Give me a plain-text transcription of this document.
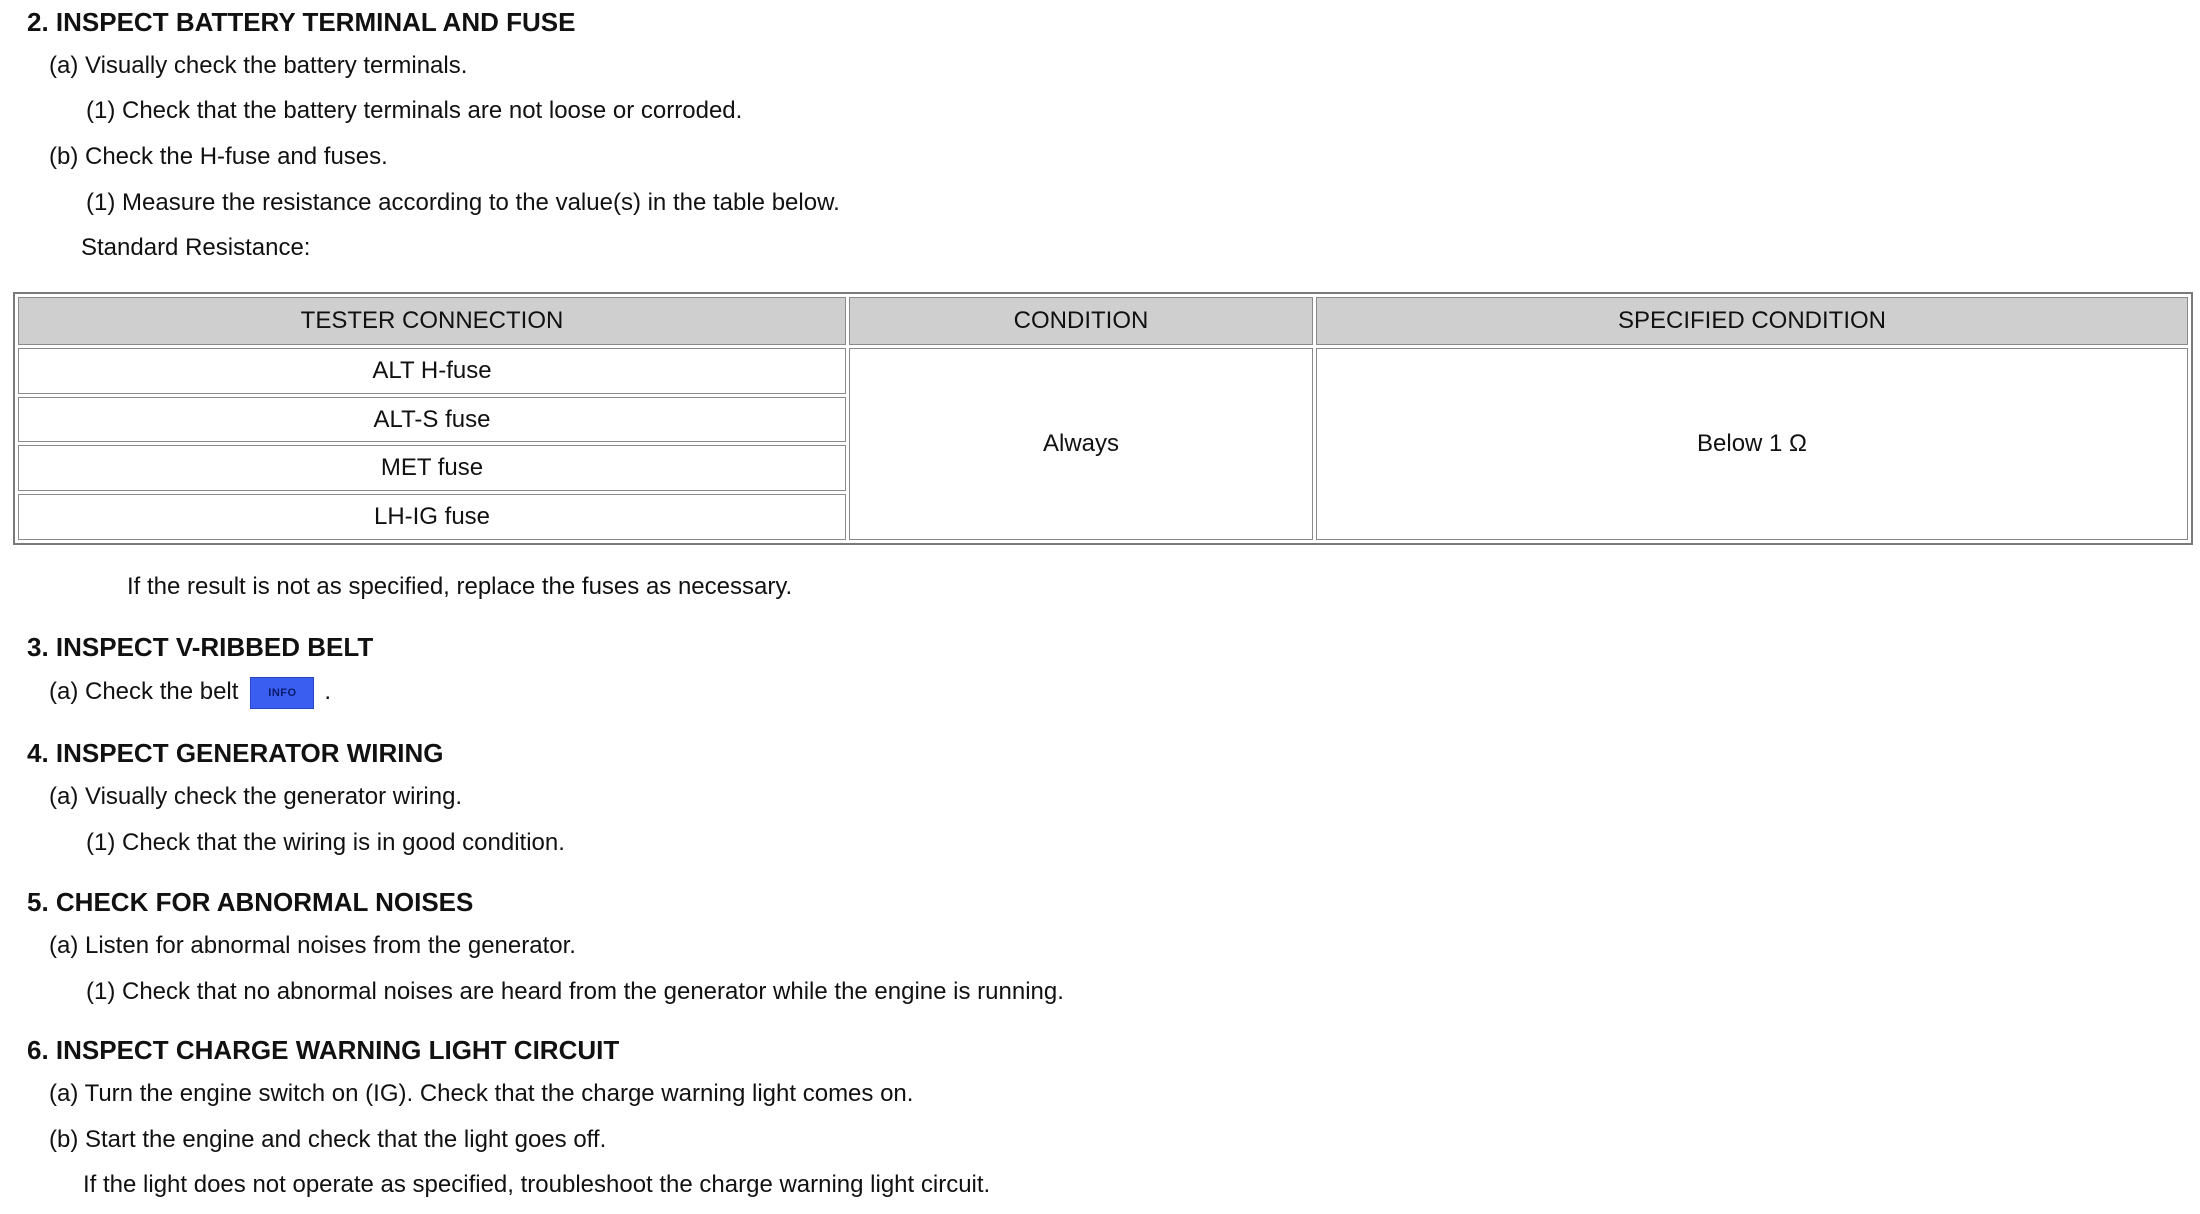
2. INSPECT BATTERY TERMINAL AND FUSE
(a) Visually check the battery terminals.
(1) Check that the battery terminals are not loose or corroded.
(b) Check the H-fuse and fuses.
(1) Measure the resistance according to the value(s) in the table below.
Standard Resistance:
TESTER CONNECTION	CONDITION	SPECIFIED CONDITION
ALT H-fuse	Always	Below 1 Ω
ALT-S fuse		
MET fuse		
LH-IG fuse		
If the result is not as specified, replace the fuses as necessary.
3. INSPECT V-RIBBED BELT
(a) Check the belt	INFO .
4. INSPECT GENERATOR WIRING
(a) Visually check the generator wiring.
(1) Check that the wiring is in good condition.
5. CHECK FOR ABNORMAL NOISES
(a) Listen for abnormal noises from the generator.
(1) Check that no abnormal noises are heard from the generator while the engine is running.
6. INSPECT CHARGE WARNING LIGHT CIRCUIT
(a) Turn the engine switch on (IG). Check that the charge warning light comes on.
(b) Start the engine and check that the light goes off.
If the light does not operate as specified, troubleshoot the charge warning light circuit.
